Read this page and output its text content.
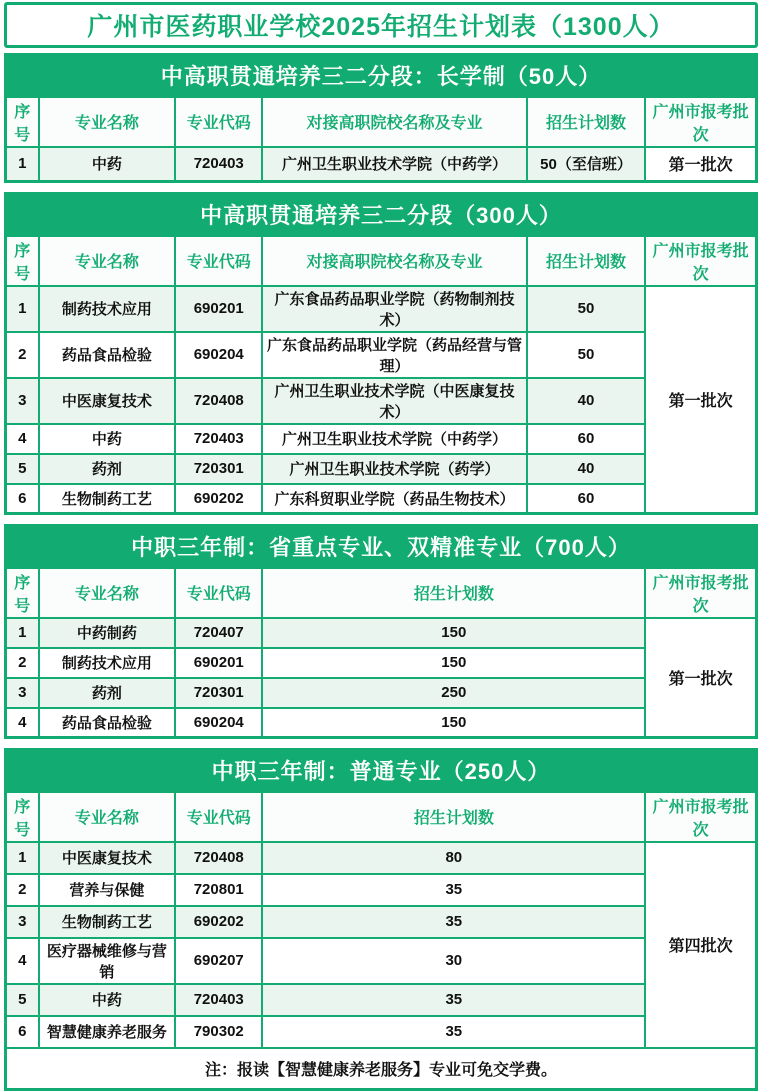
广州市医药职业学校2025年招生计划表（1300人）
中高职贯通培养三二分段：长学制（50人）					
序号	专业名称	专业代码	对接高职院校名称及专业	招生计划数	广州市报考批次
1	中药	720403	广州卫生职业技术学院（中药学）	50（至信班）	第一批次
中高职贯通培养三二分段（300人）					
序号	专业名称	专业代码	对接高职院校名称及专业	招生计划数	广州市报考批次
1	制药技术应用	690201	广东食品药品职业学院（药物制剂技术）	50	第一批次
2	药品食品检验	690204	广东食品药品职业学院（药品经营与管理）	50	
3	中医康复技术	720408	广州卫生职业技术学院（中医康复技术）	40	
4	中药	720403	广州卫生职业技术学院（中药学）	60	
5	药剂	720301	广州卫生职业技术学院（药学）	40	
6	生物制药工艺	690202	广东科贸职业学院（药品生物技术）	60	
中职三年制：省重点专业、双精准专业（700人）				
序号	专业名称	专业代码	招生计划数	广州市报考批次
1	中药制药	720407	150	第一批次
2	制药技术应用	690201	150	
3	药剂	720301	250	
4	药品食品检验	690204	150	
中职三年制：普通专业（250人）				
序号	专业名称	专业代码	招生计划数	广州市报考批次
1	中医康复技术	720408	80	第四批次
2	营养与保健	720801	35	
3	生物制药工艺	690202	35	
4	医疗器械维修与营销	690207	30	
5	中药	720403	35	
6	智慧健康养老服务	790302	35	
注：报读【智慧健康养老服务】专业可免交学费。				
